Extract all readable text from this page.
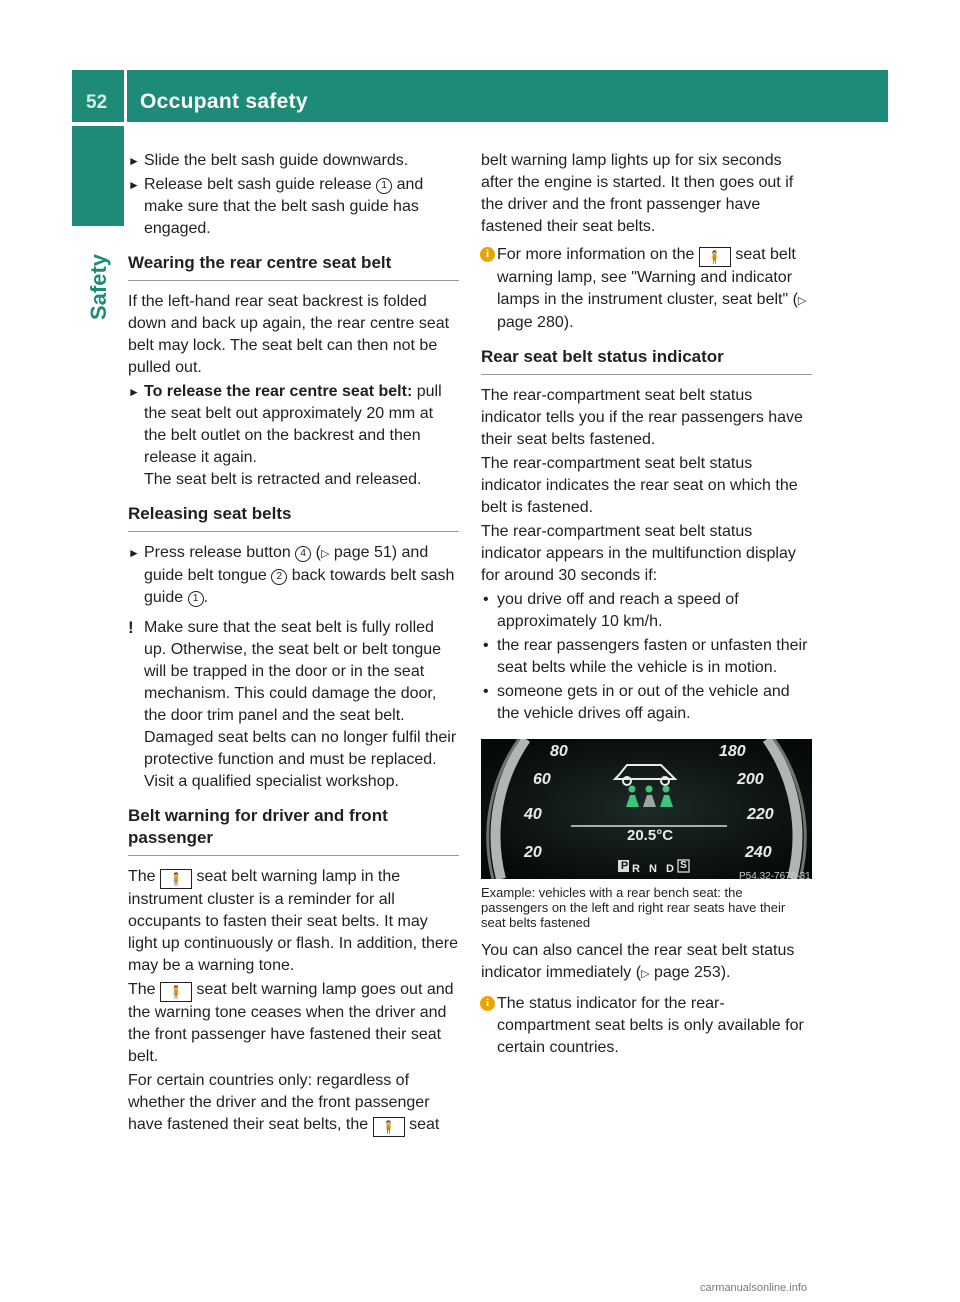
52 Occupant safety
Safety
► Slide the belt sash guide downwards.
► Release belt sash guide release 1 and make sure that the belt sash guide has engaged.
Wearing the rear centre seat belt

If the left-hand rear seat backrest is folded down and back up again, the rear centre seat belt may lock. The seat belt can then not be pulled out.

► To release the rear centre seat belt: pull the seat belt out approximately 20 mm at the belt outlet on the backrest and then release it again.
The seat belt is retracted and released.
Releasing seat belts
► Press release button 4 (▷ page 51) and guide belt tongue 2 back towards belt sash guide 1 .
! Make sure that the seat belt is fully rolled up. Otherwise, the seat belt or belt tongue will be trapped in the door or in the seat mechanism. This could damage the door, the door trim panel and the seat belt. Damaged seat belts can no longer fulfil their protective function and must be replaced. Visit a qualified specialist workshop.
Belt warning for driver and front passenger

The 🧍 seat belt warning lamp in the instrument cluster is a reminder for all occupants to fasten their seat belts. It may light up continuously or flash. In addition, there may be a warning tone.

The 🧍 seat belt warning lamp goes out and the warning tone ceases when the driver and the front passenger have fastened their seat belt.

For certain countries only: regardless of whether the driver and the front passenger have fastened their seat belts, the 🧍 seat

belt warning lamp lights up for six seconds after the engine is started. It then goes out if the driver and the front passenger have fastened their seat belts.

i For more information on the 🧍 seat belt warning lamp, see "Warning and indicator lamps in the instrument cluster, seat belt" (▷ page 280).
Rear seat belt status indicator

The rear-compartment seat belt status indicator tells you if the rear passengers have their seat belts fastened.

The rear-compartment seat belt status indicator indicates the rear seat on which the belt is fastened.

The rear-compartment seat belt status indicator appears in the multifunction display for around 30 seconds if:

• you drive off and reach a speed of approximately 10 km/h.
• the rear passengers fasten or unfasten their seat belts while the vehicle is in motion.
• someone gets in or out of the vehicle and the vehicle drives off again.
80
60
40
20
180
200
220
240
20.5°C
P R N D S
P54.32-7678-31
Example: vehicles with a rear bench seat: the passengers on the left and right rear seats have their seat belts fastened

You can also cancel the rear seat belt status indicator immediately (▷ page 253).

i The status indicator for the rear-compartment seat belts is only available for certain countries.
carmanualsonline.info
